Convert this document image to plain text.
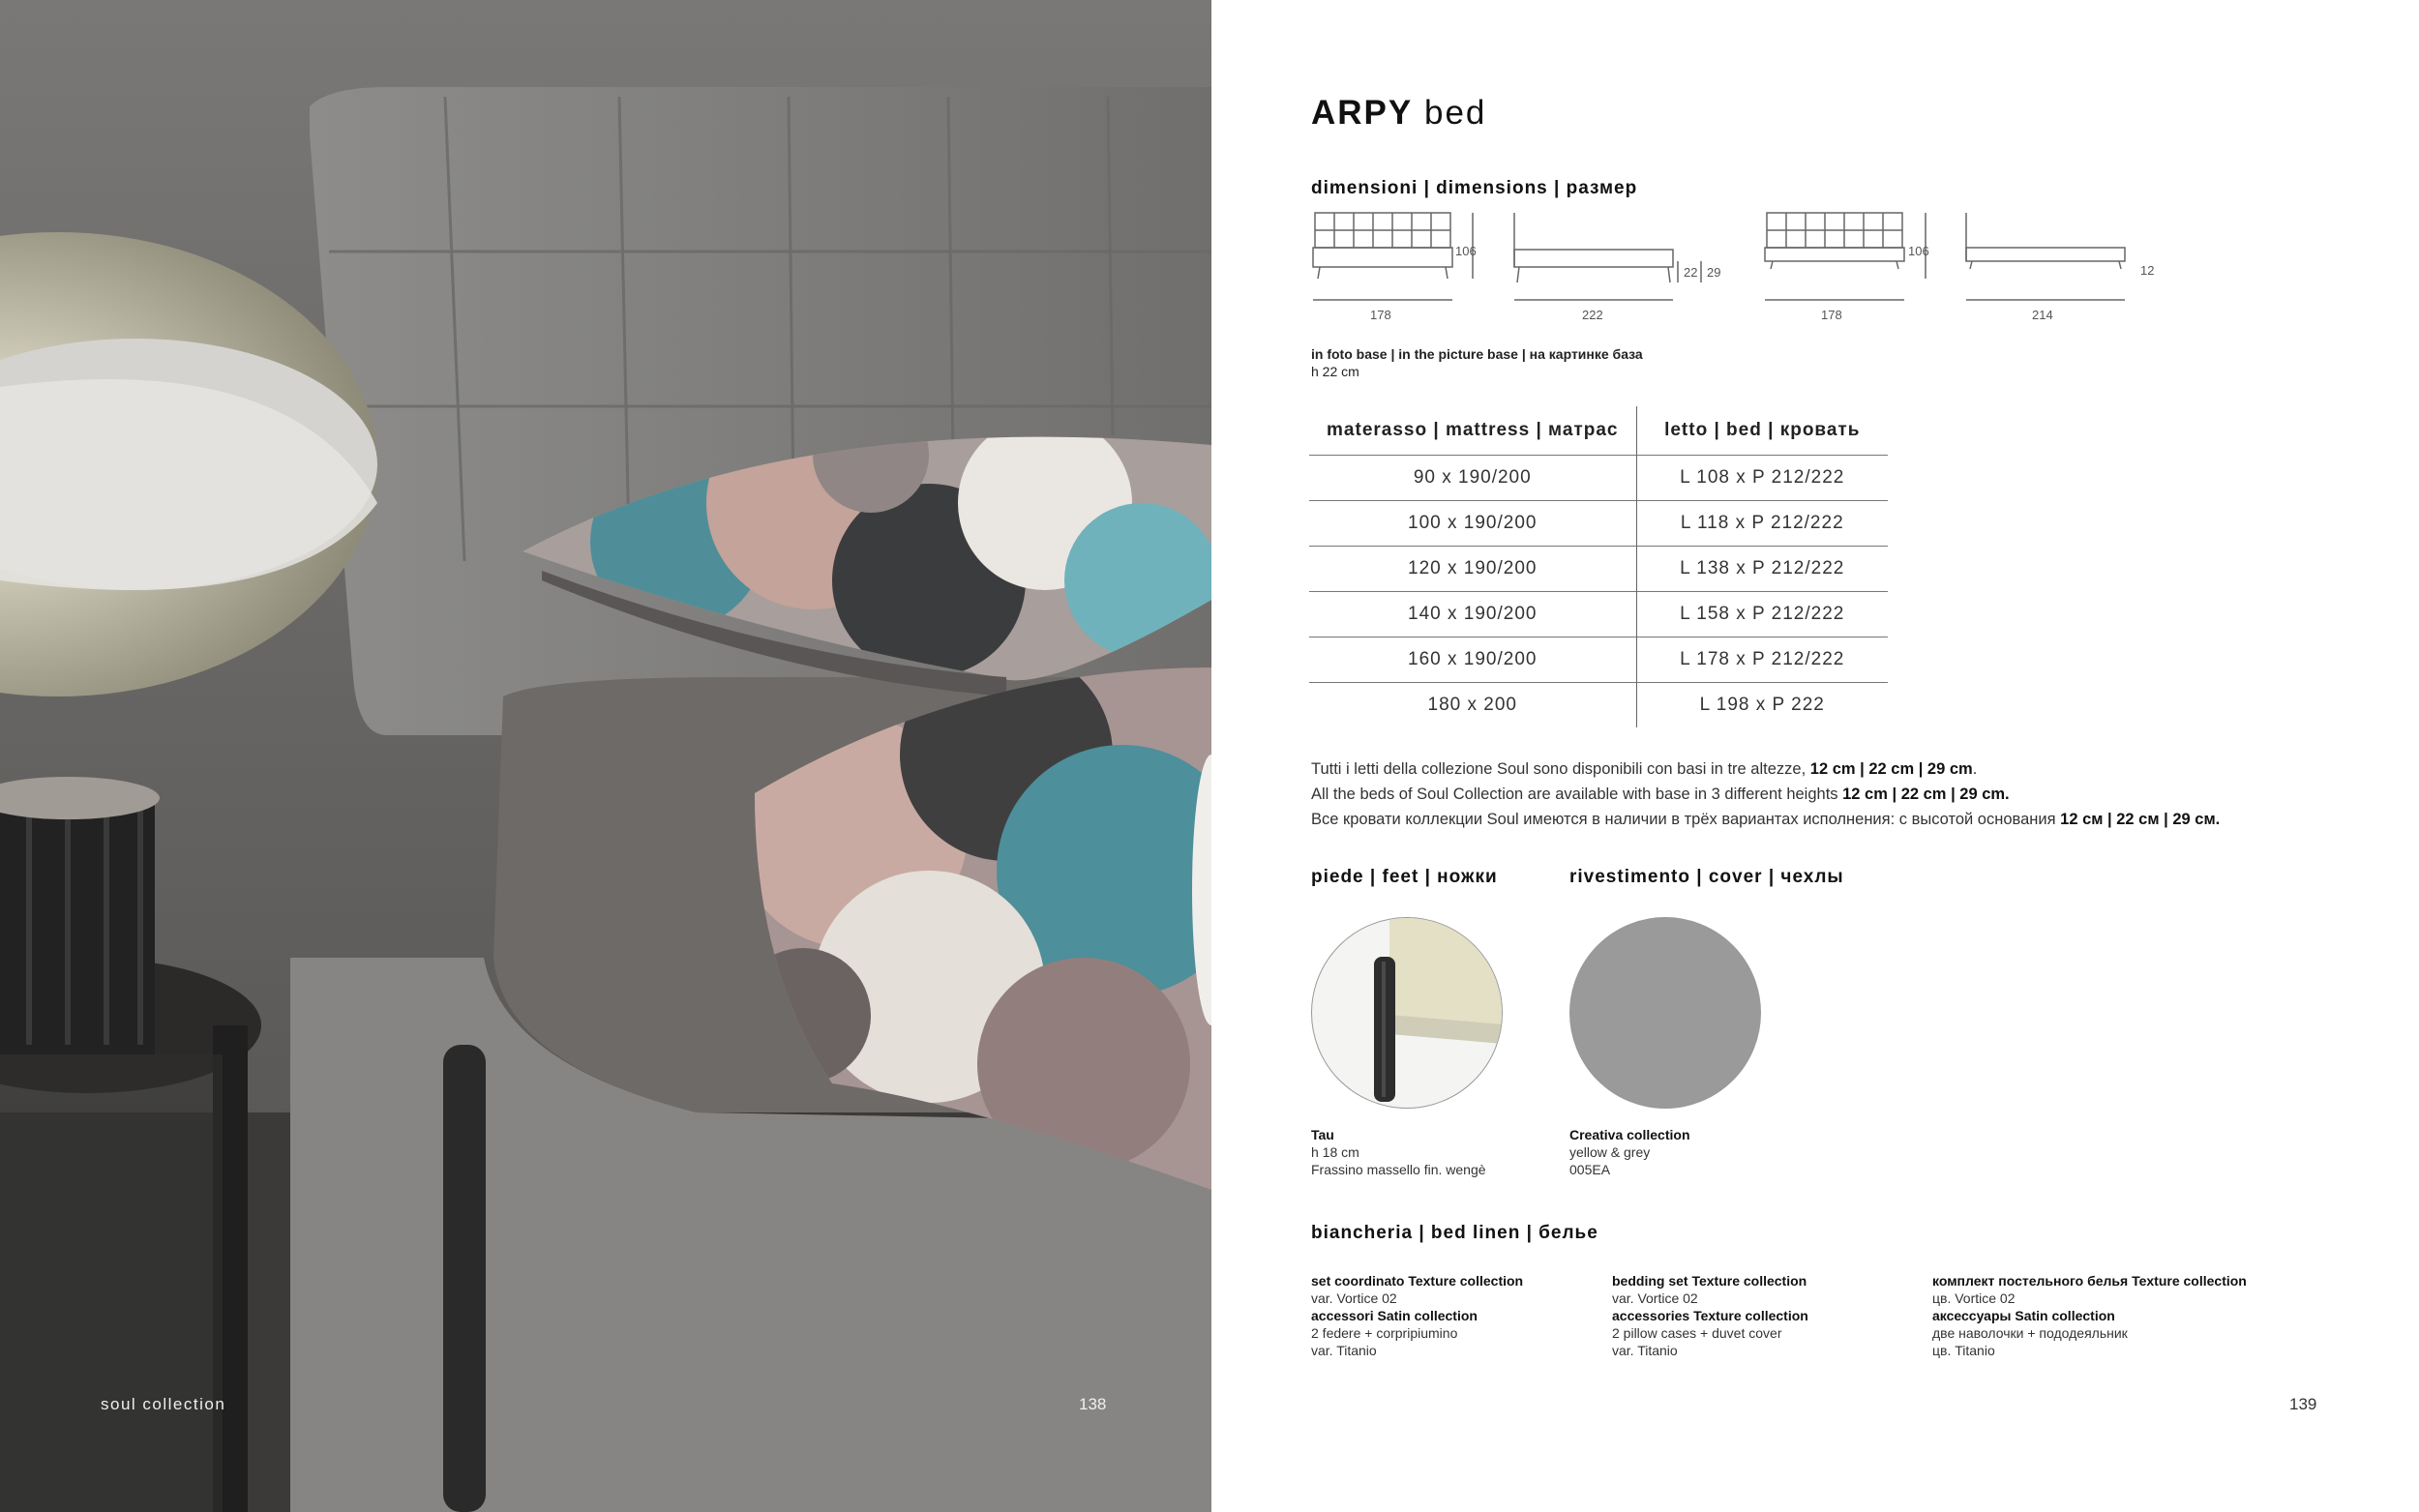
soul collection	138
ARPY bed
dimensioni | dimensions | размер
106
178	222
22 29
106
178	214
12
in foto base | in the picture base | на картинке база
h 22 cm
materasso | mattress | матрас	letto | bed | кровать
90 x 190/200	L 108 x P 212/222
100 x 190/200	L 118 x P 212/222
120 x 190/200	L 138 x P 212/222
140 x 190/200	L 158 x P 212/222
160 x 190/200	L 178 x P 212/222
180 x 200	L 198 x P 222
Tutti i letti della collezione Soul sono disponibili con basi in tre altezze, 12 cm | 22 cm | 29 cm.
All the beds of Soul Collection are available with base in 3 different heights 12 cm | 22 cm | 29 cm.
Все кровати коллекции Soul имеются в наличии в трёх вариантах исполнения: с высотой основания 12 см | 22 см | 29 см.
piede | feet | ножки	rivestimento | cover | чехлы
Tau
h 18 cm
Frassino massello fin. wengè
Creativa collection
yellow & grey
005EA
biancheria | bed linen | белье
set coordinato Texture collection
var. Vortice 02
accessori Satin collection
2 federe + corpripiumino
var. Titanio
bedding set Texture collection
var. Vortice 02
accessories Texture collection
2 pillow cases + duvet cover
var. Titanio
комплект постельного белья Texture collection
цв. Vortice 02
аксессуары Satin collection
две наволочки + пододеяльник
цв. Titanio
139
